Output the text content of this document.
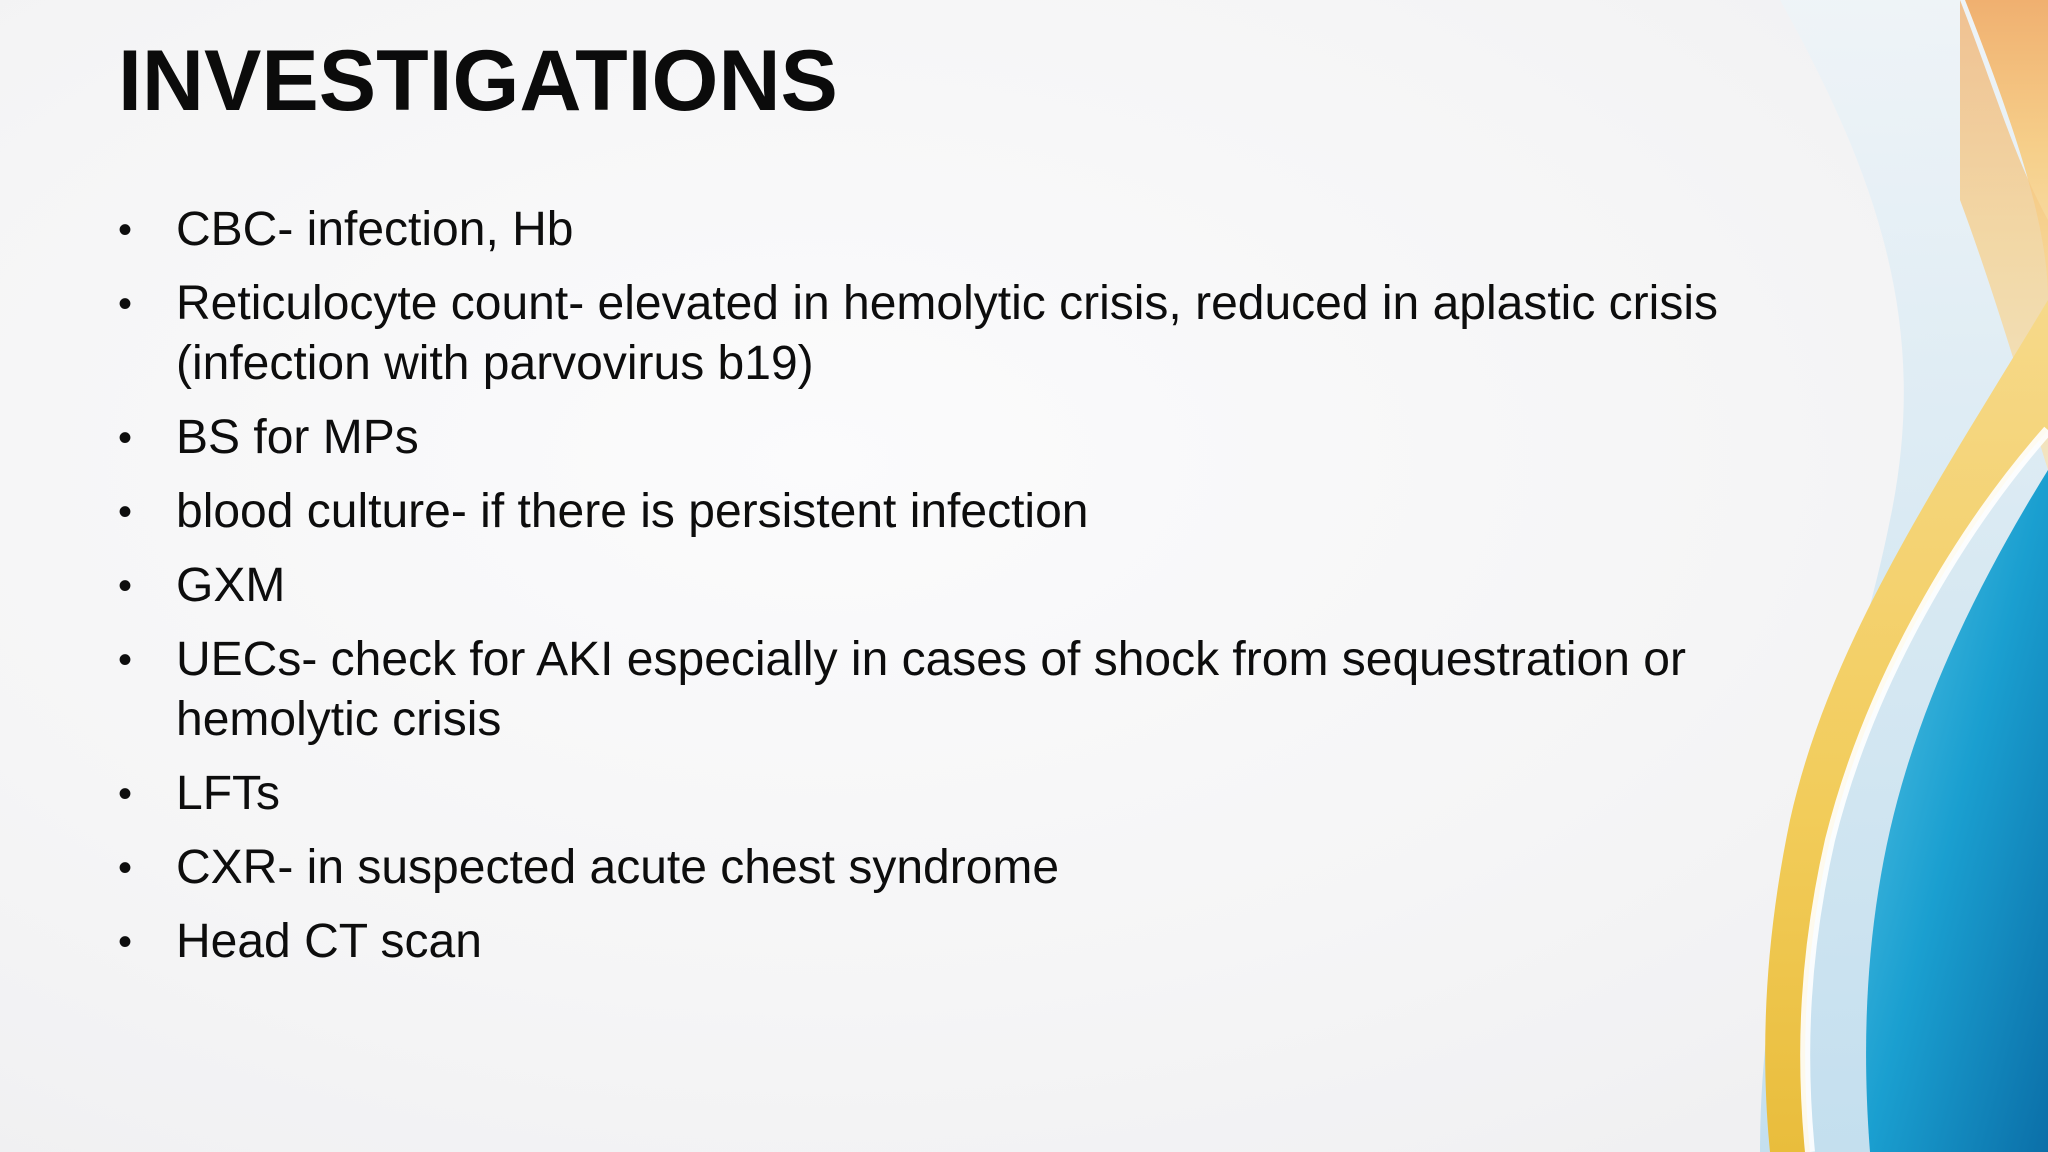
INVESTIGATIONS
• CBC- infection, Hb
• Reticulocyte count- elevated in hemolytic crisis, reduced in aplastic crisis (infection with parvovirus b19)
• BS for MPs
• blood culture- if there is persistent infection
• GXM
• UECs- check for AKI especially in cases of shock from sequestration or hemolytic crisis
• LFTs
• CXR- in suspected acute chest syndrome
• Head CT scan
